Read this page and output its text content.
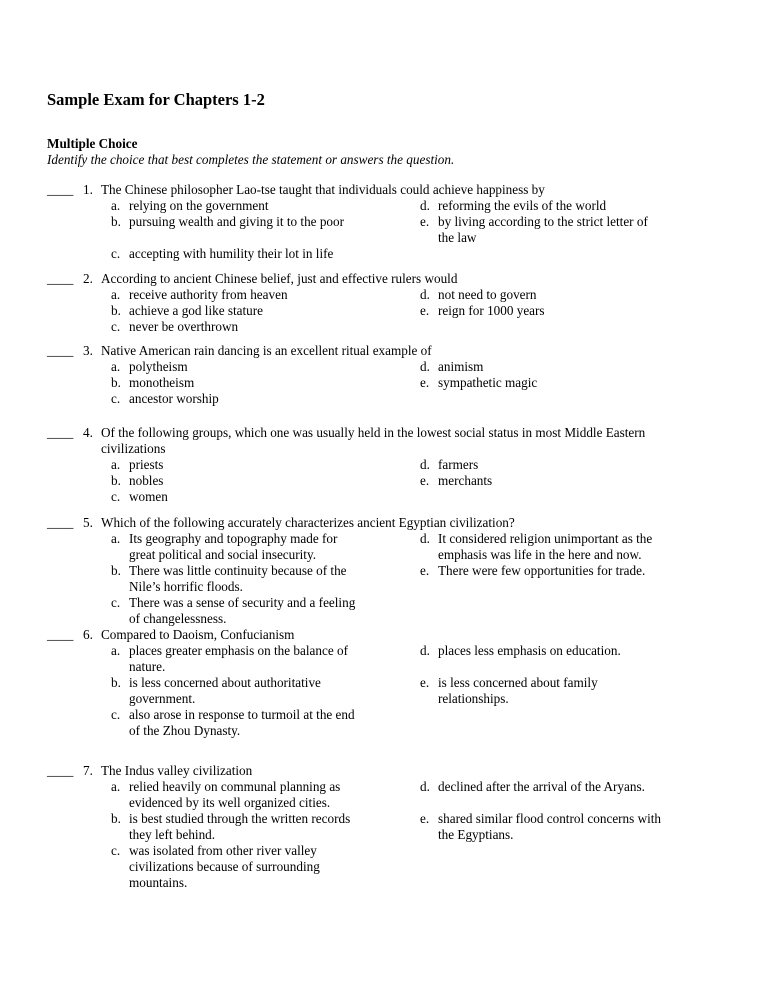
Sample Exam for Chapters 1-2
Multiple Choice
Identify the choice that best completes the statement or answers the question.
____ 1. The Chinese philosopher Lao-tse taught that individuals could achieve happiness by
a. relying on the government
b. pursuing wealth and giving it to the poor
c. accepting with humility their lot in life
d. reforming the evils of the world
e. by living according to the strict letter of
the law
____ 2. According to ancient Chinese belief, just and effective rulers would
a. receive authority from heaven
b. achieve a god like stature
c. never be overthrown
d. not need to govern
e. reign for 1000 years
____ 3. Native American rain dancing is an excellent ritual example of
a. polytheism
b. monotheism
c. ancestor worship
d. animism
e. sympathetic magic
____ 4. Of the following groups, which one was usually held in the lowest social status in most Middle Eastern
civilizations
a. priests
b. nobles
c. women
d. farmers
e. merchants
____ 5. Which of the following accurately characterizes ancient Egyptian civilization?
a. Its geography and topography made for
great political and social insecurity.
b. There was little continuity because of the
Nile’s horrific floods.
c. There was a sense of security and a feeling
of changelessness.
d. It considered religion unimportant as the
emphasis was life in the here and now.
e. There were few opportunities for trade.
____ 6. Compared to Daoism, Confucianism
a. places greater emphasis on the balance of
nature.
b. is less concerned about authoritative
government.
c. also arose in response to turmoil at the end
of the Zhou Dynasty.
d. places less emphasis on education.
e. is less concerned about family
relationships.
____ 7. The Indus valley civilization
a. relied heavily on communal planning as
evidenced by its well organized cities.
b. is best studied through the written records
they left behind.
c. was isolated from other river valley
civilizations because of surrounding
mountains.
d. declined after the arrival of the Aryans.
e. shared similar flood control concerns with
the Egyptians.
